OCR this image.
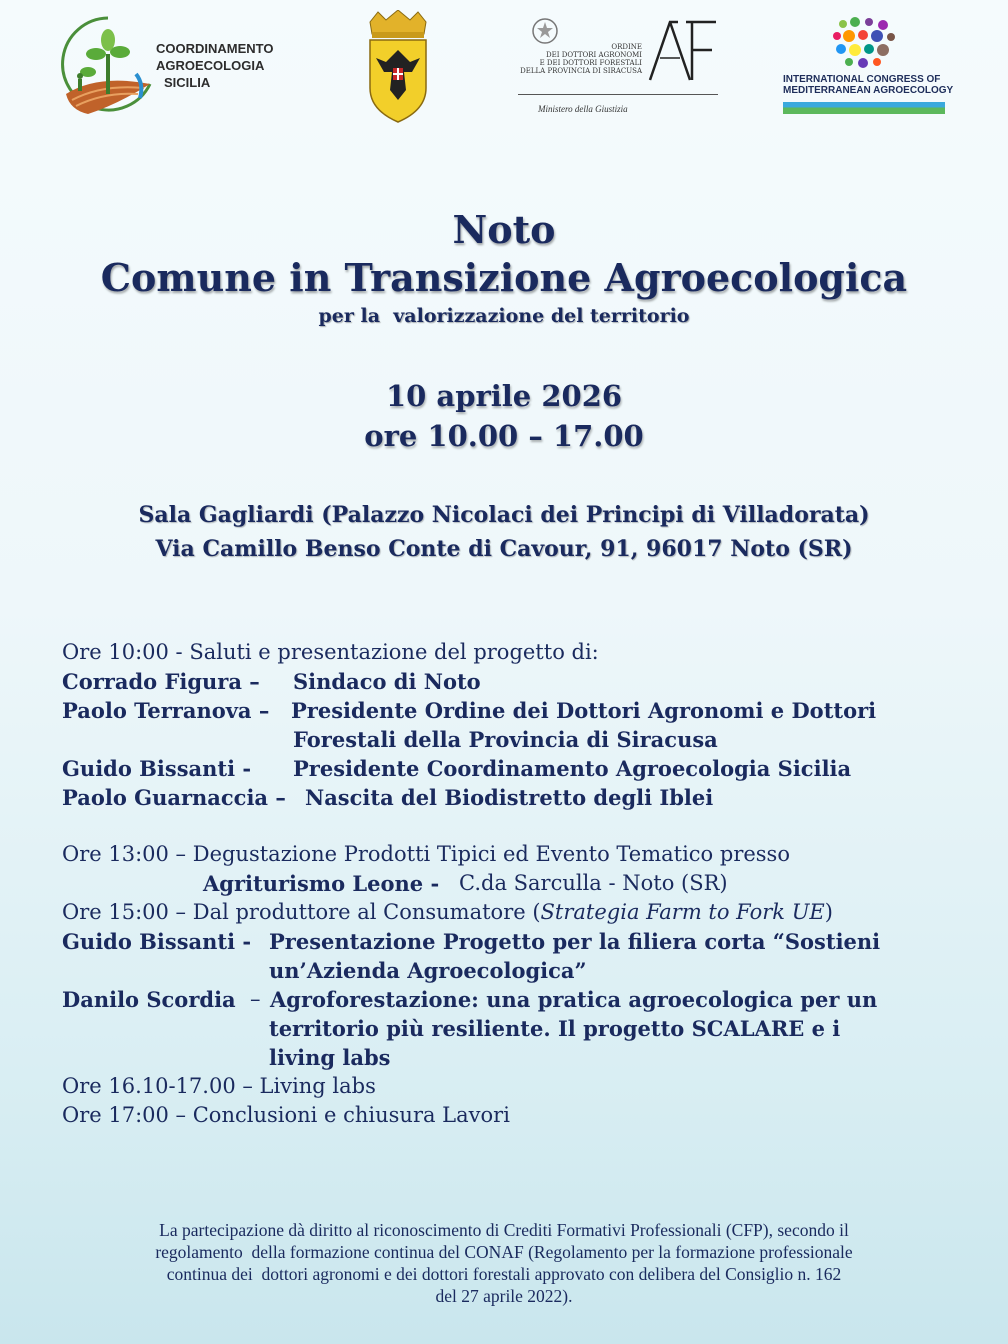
COORDINAMENTO
AGROECOLOGIA
SICILIA
ORDINE
DEI DOTTORI AGRONOMI
E DEI DOTTORI FORESTALI
DELLA PROVINCIA DI SIRACUSA
Ministero della Giustizia
INTERNATIONAL CONGRESS OF
MEDITERRANEAN AGROECOLOGY
Noto
Comune in Transizione Agroecologica
per la  valorizzazione del territorio
10 aprile 2026
ore 10.00 – 17.00
Sala Gagliardi (Palazzo Nicolaci dei Principi di Villadorata)
Via Camillo Benso Conte di Cavour, 91, 96017 Noto (SR)
Ore 10:00 - Saluti e presentazione del progetto di:
Corrado Figura – Sindaco di Noto
Paolo Terranova – Presidente Ordine dei Dottori Agronomi e Dottori
Forestali della Provincia di Siracusa
Guido Bissanti - Presidente Coordinamento Agroecologia Sicilia
Paolo Guarnaccia – Nascita del Biodistretto degli Iblei
Ore 13:00 – Degustazione Prodotti Tipici ed Evento Tematico presso
Agriturismo Leone - C.da Sarculla - Noto (SR)
Ore 15:00 – Dal produttore al Consumatore (Strategia Farm to Fork UE)
Guido Bissanti - Presentazione Progetto per la filiera corta “Sostieni
un’Azienda Agroecologica”
Danilo Scordia – Agroforestazione: una pratica agroecologica per un
territorio più resiliente. Il progetto SCALARE e i
living labs
Ore 16.10-17.00 – Living labs
Ore 17:00 – Conclusioni e chiusura Lavori
La partecipazione dà diritto al riconoscimento di Crediti Formativi Professionali (CFP), secondo il
regolamento  della formazione continua del CONAF (Regolamento per la formazione professionale
continua dei  dottori agronomi e dei dottori forestali approvato con delibera del Consiglio n. 162
del 27 aprile 2022).
